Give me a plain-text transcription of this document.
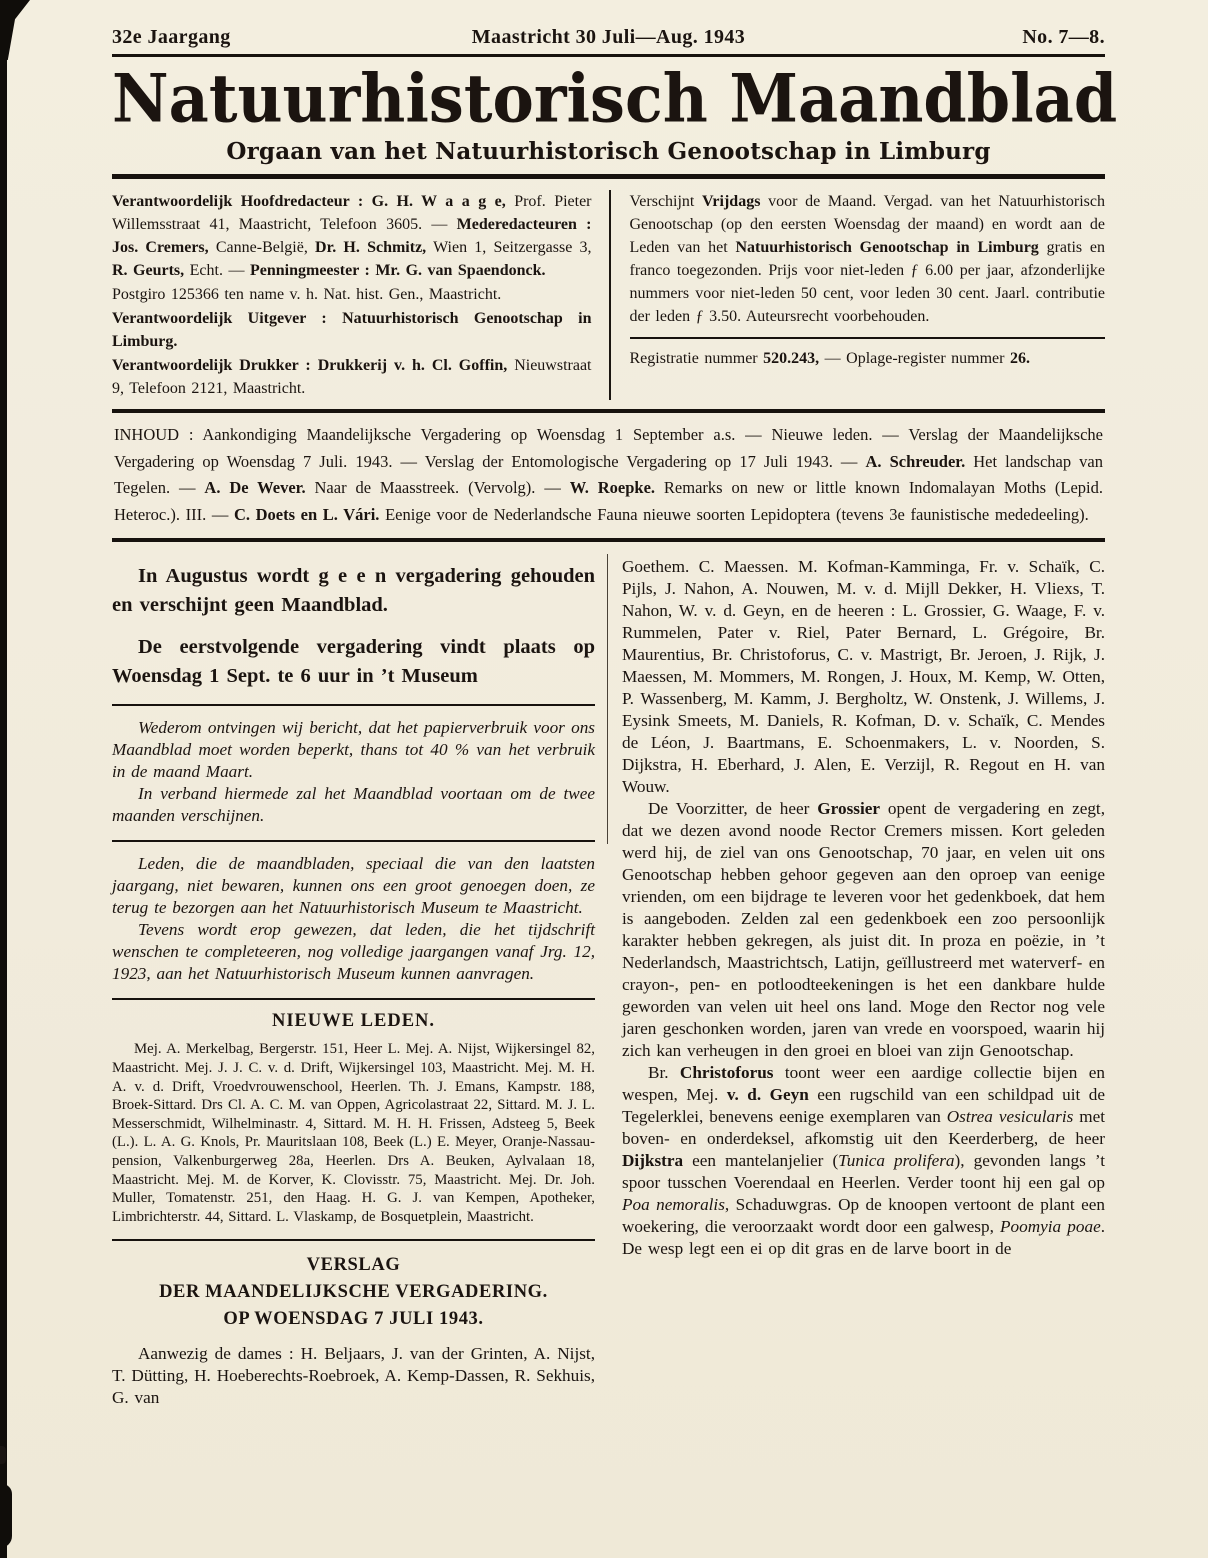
32e Jaargang	Maastricht 30 Juli—Aug. 1943	No. 7—8.
Natuurhistorisch Maandblad
Orgaan van het Natuurhistorisch Genootschap in Limburg

Verantwoordelijk Hoofdredacteur : G. H. W a a g e, Prof. Pieter Willemsstraat 41, Maastricht, Telefoon 3605. — Mederedacteuren : Jos. Cremers, Canne-België, Dr. H. Schmitz, Wien 1, Seitzergasse 3, R. Geurts, Echt. — Penningmeester : Mr. G. van Spaendonck.

Postgiro 125366 ten name v. h. Nat. hist. Gen., Maastricht.

Verantwoordelijk Uitgever : Natuurhistorisch Genootschap in Limburg.

Verantwoordelijk Drukker : Drukkerij v. h. Cl. Goffin, Nieuwstraat 9, Telefoon 2121, Maastricht.

Verschijnt Vrijdags voor de Maand. Vergad. van het Natuurhistorisch Genootschap (op den eersten Woensdag der maand) en wordt aan de Leden van het Natuurhistorisch Genootschap in Limburg gratis en franco toegezonden. Prijs voor niet-leden ƒ 6.00 per jaar, afzonderlijke nummers voor niet-leden 50 cent, voor leden 30 cent. Jaarl. contributie der leden ƒ 3.50. Auteursrecht voorbehouden.

Registratie nummer 520.243, — Oplage-register nummer 26.

INHOUD : Aankondiging Maandelijksche Vergadering op Woensdag 1 September a.s. — Nieuwe leden. — Verslag der Maandelijksche Vergadering op Woensdag 7 Juli. 1943. — Verslag der Entomologische Vergadering op 17 Juli 1943. — A. Schreuder. Het landschap van Tegelen. — A. De Wever. Naar de Maasstreek. (Vervolg). — W. Roepke. Remarks on new or little known Indomalayan Moths (Lepid. Heteroc.). III. — C. Doets en L. Vári. Eenige voor de Nederlandsche Fauna nieuwe soorten Lepidoptera (tevens 3e faunistische mededeeling).

In Augustus wordt g e e n vergadering gehouden en verschijnt geen Maandblad.

De eerstvolgende vergadering vindt plaats op Woensdag 1 Sept. te 6 uur in ’t Museum

Wederom ontvingen wij bericht, dat het papierverbruik voor ons Maandblad moet worden beperkt, thans tot 40 % van het verbruik in de maand Maart.

In verband hiermede zal het Maandblad voortaan om de twee maanden verschijnen.

Leden, die de maandbladen, speciaal die van den laatsten jaargang, niet bewaren, kunnen ons een groot genoegen doen, ze terug te bezorgen aan het Natuurhistorisch Museum te Maastricht.

Tevens wordt erop gewezen, dat leden, die het tijdschrift wenschen te completeeren, nog volledige jaargangen vanaf Jrg. 12, 1923, aan het Natuurhistorisch Museum kunnen aanvragen.

NIEUWE LEDEN.

Mej. A. Merkelbag, Bergerstr. 151, Heer L. Mej. A. Nijst, Wijkersingel 82, Maastricht. Mej. J. J. C. v. d. Drift, Wijkersingel 103, Maastricht. Mej. M. H. A. v. d. Drift, Vroedvrouwenschool, Heerlen. Th. J. Emans, Kampstr. 188, Broek-Sittard. Drs Cl. A. C. M. van Oppen, Agricolastraat 22, Sittard. M. J. L. Messerschmidt, Wilhelminastr. 4, Sittard. M. H. H. Frissen, Adsteeg 5, Beek (L.). L. A. G. Knols, Pr. Mauritslaan 108, Beek (L.) E. Meyer, Oranje-Nassau-pension, Valkenburgerweg 28a, Heerlen. Drs A. Beuken, Aylvalaan 18, Maastricht. Mej. M. de Korver, K. Clovisstr. 75, Maastricht. Mej. Dr. Joh. Muller, Tomatenstr. 251, den Haag. H. G. J. van Kempen, Apotheker, Limbrichterstr. 44, Sittard. L. Vlaskamp, de Bosquetplein, Maastricht.

VERSLAG
DER MAANDELIJKSCHE VERGADERING.
OP WOENSDAG 7 JULI 1943.

Aanwezig de dames : H. Beljaars, J. van der Grinten, A. Nijst, T. Dütting, H. Hoeberechts-Roebroek, A. Kemp-Dassen, R. Sekhuis, G. van

Goethem. C. Maessen. M. Kofman-Kamminga, Fr. v. Schaïk, C. Pijls, J. Nahon, A. Nouwen, M. v. d. Mijll Dekker, H. Vliexs, T. Nahon, W. v. d. Geyn, en de heeren : L. Grossier, G. Waage, F. v. Rummelen, Pater v. Riel, Pater Bernard, L. Grégoire, Br. Maurentius, Br. Christoforus, C. v. Mastrigt, Br. Jeroen, J. Rijk, J. Maessen, M. Mommers, M. Rongen, J. Houx, M. Kemp, W. Otten, P. Wassenberg, M. Kamm, J. Bergholtz, W. Onstenk, J. Willems, J. Eysink Smeets, M. Daniels, R. Kofman, D. v. Schaïk, C. Mendes de Léon, J. Baartmans, E. Schoenmakers, L. v. Noorden, S. Dijkstra, H. Eberhard, J. Alen, E. Verzijl, R. Regout en H. van Wouw.

De Voorzitter, de heer Grossier opent de vergadering en zegt, dat we dezen avond noode Rector Cremers missen. Kort geleden werd hij, de ziel van ons Genootschap, 70 jaar, en velen uit ons Genootschap hebben gehoor gegeven aan den oproep van eenige vrienden, om een bijdrage te leveren voor het gedenkboek, dat hem is aangeboden. Zelden zal een gedenkboek een zoo persoonlijk karakter hebben gekregen, als juist dit. In proza en poëzie, in ’t Nederlandsch, Maastrichtsch, Latijn, geïllustreerd met waterverf- en crayon-, pen- en potloodteekeningen is het een dankbare hulde geworden van velen uit heel ons land. Moge den Rector nog vele jaren geschonken worden, jaren van vrede en voorspoed, waarin hij zich kan verheugen in den groei en bloei van zijn Genootschap.

Br. Christoforus toont weer een aardige collectie bijen en wespen, Mej. v. d. Geyn een rugschild van een schildpad uit de Tegelerklei, benevens eenige exemplaren van Ostrea vesicularis met boven- en onderdeksel, afkomstig uit den Keerderberg, de heer Dijkstra een mantelanjelier (Tunica prolifera), gevonden langs ’t spoor tusschen Voerendaal en Heerlen. Verder toont hij een gal op Poa nemoralis, Schaduwgras. Op de knoopen vertoont de plant een woekering, die veroorzaakt wordt door een galwesp, Poomyia poae. De wesp legt een ei op dit gras en de larve boort in de
